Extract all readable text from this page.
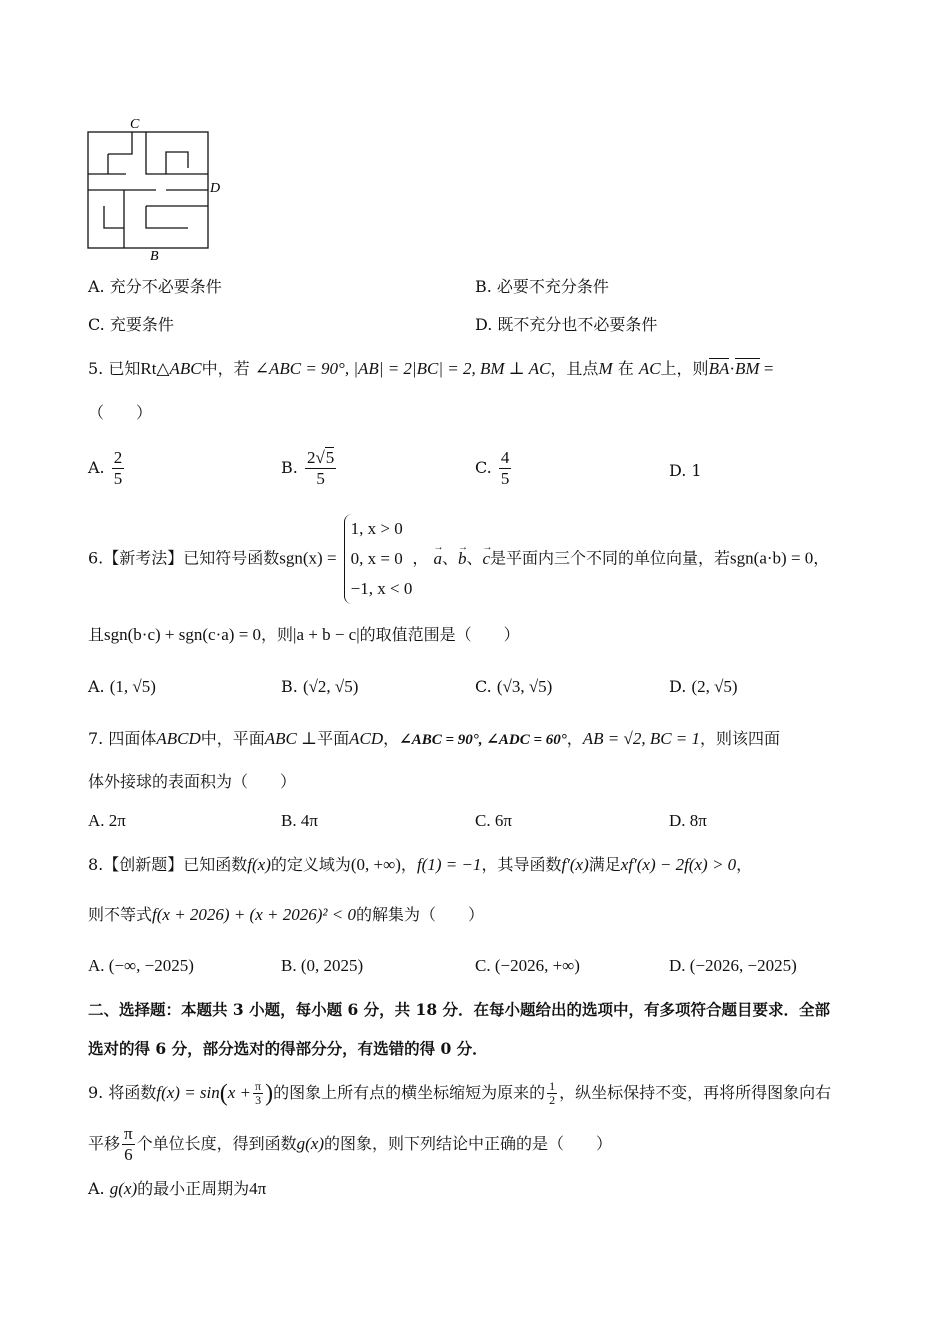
C
D
B
A. 充分不必要条件	B. 必要不充分条件
C. 充要条件	D. 既不充分也不必要条件
5. 已知Rt△ABC中，若 ∠ABC = 90°, |AB| = 2|BC| = 2, BM ⊥ AC，且点M 在 AC上，则BA·BM =
（　　）
A. $\frac{2}{5}$	B. $\frac{2√5}{5}$	C. $\frac{4}{5}$	D. 1
6.【新考法】已知符号函数sgn(x) =
1, x > 0
0, x = 0
−1, x < 0
， → a、→ b、→ c是平面内三个不同的单位向量，若sgn(a·b) = 0，
且sgn(b·c) + sgn(c·a) = 0，则|a + b − c|的取值范围是（　　）
A. (1, √5)	B. (√2, √5)	C. (√3, √5)	D. (2, √5)
7. 四面体ABCD中，平面ABC ⊥平面ACD，∠ABC = 90°, ∠ADC = 60°，AB = √2, BC = 1，则该四面
体外接球的表面积为（　　）
A. 2π	B. 4π	C. 6π	D. 8π
8.【创新题】已知函数f(x)的定义域为(0, +∞)，f(1) = −1，其导函数f′(x)满足xf′(x) − 2f(x) > 0，
则不等式f(x + 2026) + (x + 2026)² < 0的解集为（　　）
A. (−∞, −2025)	B. (0, 2025)	C. (−2026, +∞)	D. (−2026, −2025)
二、选择题：本题共 3 小题，每小题 6 分，共 18 分．在每小题给出的选项中，有多项符合题目要求．全部
选对的得 6 分，部分选对的得部分分，有选错的得 0 分．
9. 将函数$f(x) = \sin(x + \frac{\pi}{3}$ )的图象上所有点的横坐标缩短为原来的 $\frac{1}{2}$ ，纵坐标保持不变，再将所得图象向右
平移 $\frac{\pi}{6}$ 个单位长度，得到函数g(x)的图象，则下列结论中正确的是（　　）
A. g(x)的最小正周期为4π
